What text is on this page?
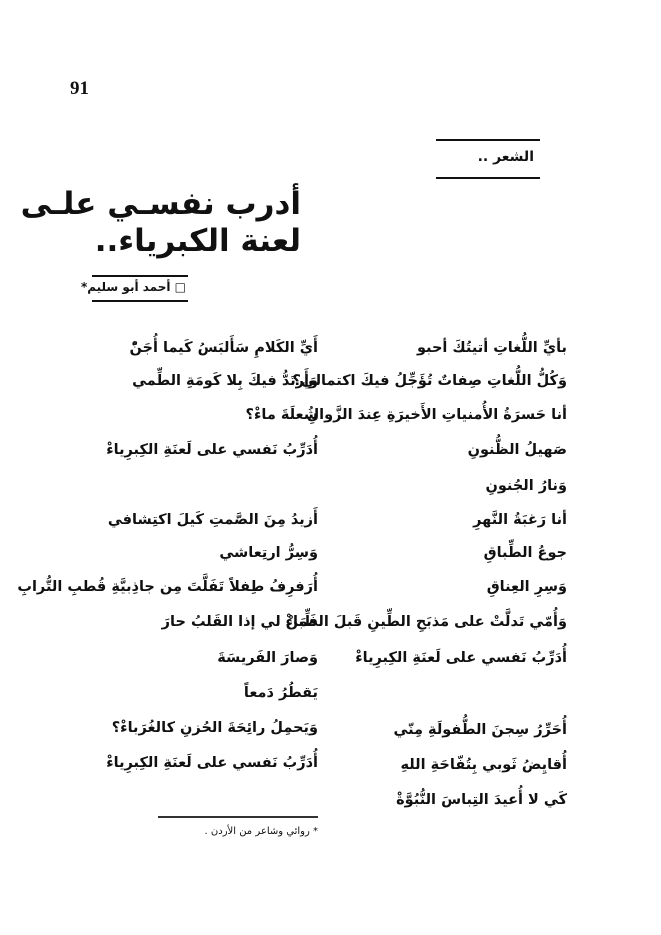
91
الشعر ..
أدرب نفسـي علـى
لعنة الكبرياء..
□ أحمد أبو سليم*
بأيِّ اللُّغاتِ أتيتُكَ أحبو
وَكُلُّ اللُّغاتِ صِفاتٌ تُؤَجِّلُ فيكَ اكتمالي؟
أنا حَسرَةُ الأُمنياتِ الأَخيرَةِ عِندَ الزَّوالِ
صَهيلُ الظُّنونِ
وَنارُ الجُنونِ
أنا رَغبَةُ النَّهرِ
جوعُ الطِّباقِ
وَسِرِ العِناقِ
وَأُمّي تَدلَّتْ على مَذبَحِ الطِّينِ قَبلَ الظِّباءْ
أُدَرِّبُ نَفسي على لَعنَةِ الكِبرِياءْ
أُحَرِّرُ سِجنَ الطُّفولَةِ مِنّي
أُقايِضُ ثَوبي بِتُفّاحَةِ اللهِ
كَي لا أُعيدَ التِباسَ النُّبُوَّةْ
أَيِّ الكَلامِ سَأَلبَسُ كَيما أُجَنّْ
وَأَرتَدُّ فيكَ بِلا كَومَةِ الطِّمي
شُعلَةَ ماءْ؟
أُدَرِّبُ نَفسي على لَعنَةِ الكِبرِياءْ
أَزيدُ مِنَ الصَّمتِ كَيلَ اكتِشافي
وَسِرُّ ارتِعاشي
أُرَفرِفُ طِفلاً تَفَلَّتَ مِن جاذِبيَّةِ قُطبِ التُّرابِ
فَمَنْ لي إذا القَلبُ حارَ
وَصارَ الفَريسَةَ
يَقطُرُ دَمعاً
وَيَحمِلُ رائِحَةَ الحُزنِ كالغُرَباءْ؟
أُدَرِّبُ نَفسي على لَعنَةِ الكِبرِياءْ
* روائي وشاعر من الأردن .
